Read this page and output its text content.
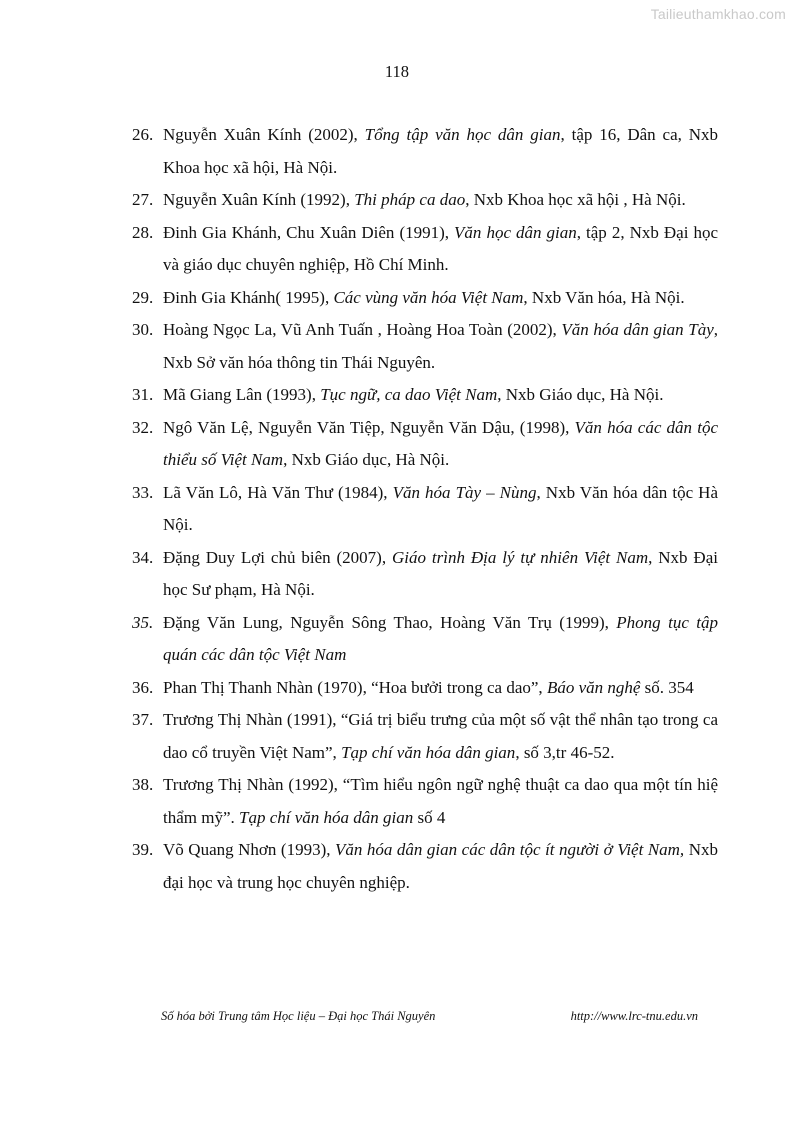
Tailieuthamkhao.com
118
26. Nguyễn Xuân Kính (2002), Tổng tập văn học dân gian, tập 16, Dân ca, Nxb Khoa học xã hội, Hà Nội.
27. Nguyễn Xuân Kính (1992), Thi pháp ca dao, Nxb Khoa học xã hội , Hà Nội.
28. Đinh Gia Khánh, Chu Xuân Diên (1991), Văn học dân gian, tập 2, Nxb Đại học và giáo dục chuyên nghiệp, Hồ Chí Minh.
29. Đinh Gia Khánh( 1995), Các vùng văn hóa Việt Nam, Nxb Văn hóa, Hà Nội.
30. Hoàng Ngọc La, Vũ Anh Tuấn , Hoàng Hoa Toàn (2002), Văn hóa dân gian Tày, Nxb Sở văn hóa thông tin Thái Nguyên.
31. Mã Giang Lân (1993), Tục ngữ, ca dao Việt Nam, Nxb Giáo dục, Hà Nội.
32. Ngô Văn Lệ, Nguyễn Văn Tiệp, Nguyễn Văn Dậu, (1998), Văn hóa các dân tộc thiểu số Việt Nam, Nxb Giáo dục, Hà Nội.
33. Lã Văn Lô, Hà Văn Thư (1984), Văn hóa Tày – Nùng, Nxb Văn hóa dân tộc Hà Nội.
34. Đặng Duy Lợi chủ biên (2007), Giáo trình Địa lý tự nhiên Việt Nam, Nxb Đại học Sư phạm, Hà Nội.
35. Đặng Văn Lung, Nguyễn Sông Thao, Hoàng Văn Trụ (1999), Phong tục tập quán các dân tộc Việt Nam
36. Phan Thị Thanh Nhàn (1970), “Hoa bưởi trong ca dao”, Báo văn nghệ số. 354
37. Trương Thị Nhàn (1991), “Giá trị biểu trưng của một số vật thể nhân tạo trong ca dao cổ truyền Việt Nam”, Tạp chí văn hóa dân gian, số 3,tr 46-52.
38. Trương Thị Nhàn (1992), “Tìm hiểu ngôn ngữ nghệ thuật ca dao qua một tín hiệ thẩm mỹ”. Tạp chí văn hóa dân gian số 4
39. Võ Quang Nhơn (1993), Văn hóa dân gian các dân tộc ít người ở Việt Nam, Nxb đại học và trung học chuyên nghiệp.
Số hóa bởi Trung tâm Học liệu – Đại học Thái Nguyên	http://www.lrc-tnu.edu.vn
